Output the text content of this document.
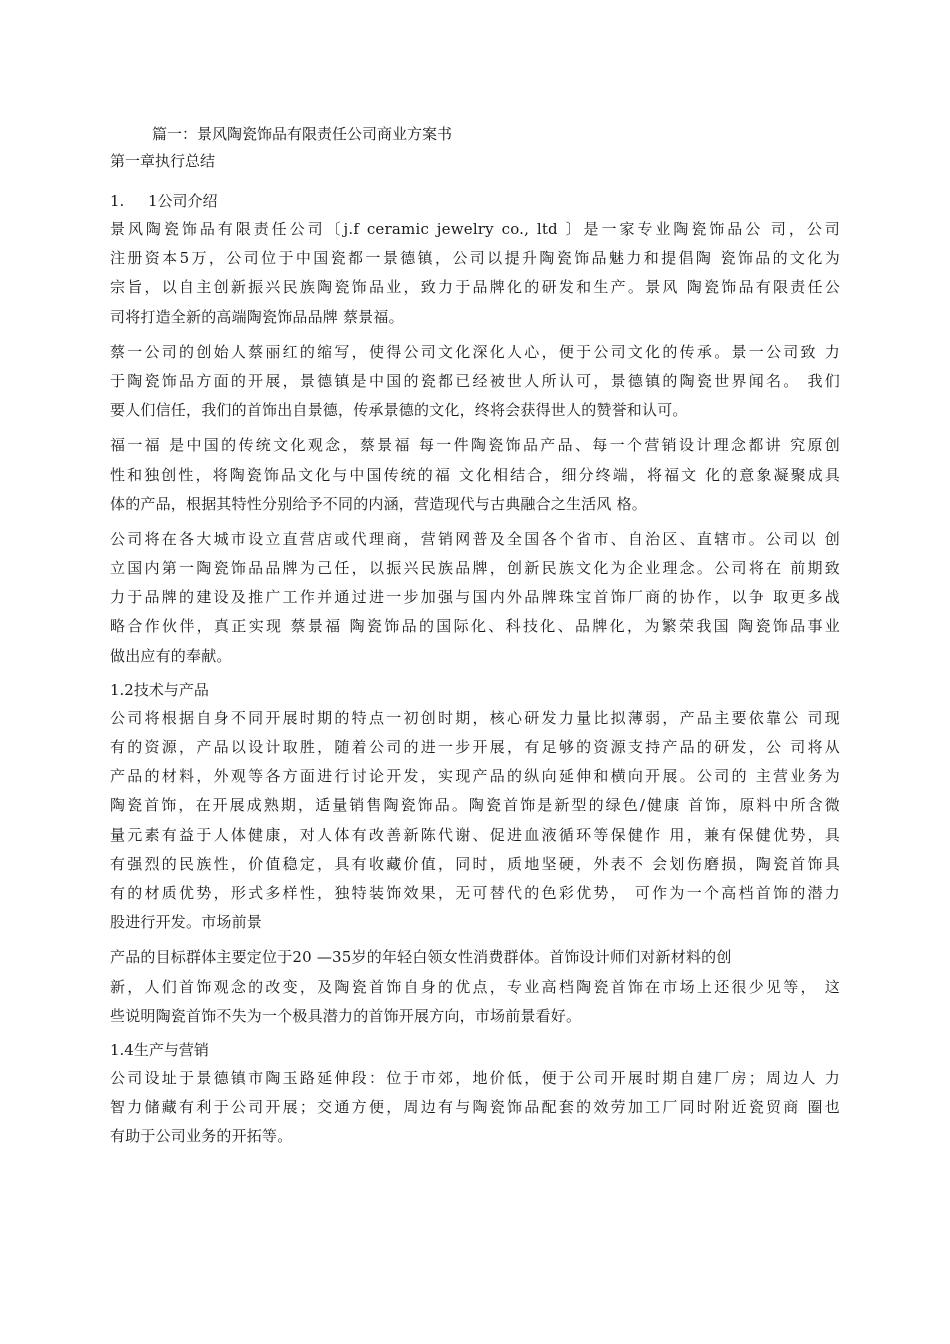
篇一：景风陶瓷饰品有限责任公司商业方案书

第一章执行总结

1. 1公司介绍

景风陶瓷饰品有限责任公司〔j.f ceramic jewelry co., ltd 〕是一家专业陶瓷饰品公 司，公司
注册资本5万，公司位于中国瓷都一景德镇，公司以提升陶瓷饰品魅力和提倡陶 瓷饰品的文化为
宗旨，以自主创新振兴民族陶瓷饰品业，致力于品牌化的研发和生产。景风 陶瓷饰品有限责任公
司将打造全新的高端陶瓷饰品品牌 蔡景福。
蔡一公司的创始人蔡丽红的缩写，使得公司文化深化人心，便于公司文化的传承。景一公司致 力
于陶瓷饰品方面的开展，景德镇是中国的瓷都已经被世人所认可，景德镇的陶瓷世界闻名。 我们
要人们信任，我们的首饰出自景德，传承景德的文化，终将会获得世人的赞誉和认可。
福一福 是中国的传统文化观念，蔡景福 每一件陶瓷饰品产品、每一个营销设计理念都讲 究原创
性和独创性，将陶瓷饰品文化与中国传统的福 文化相结合，细分终端，将福文 化的意象凝聚成具
体的产品，根据其特性分别给予不同的内涵，营造现代与古典融合之生活风 格。
公司将在各大城市设立直营店或代理商，营销网普及全国各个省市、自治区、直辖市。公司以 创
立国内第一陶瓷饰品品牌为己任，以振兴民族品牌，创新民族文化为企业理念。公司将在 前期致
力于品牌的建设及推广工作并通过进一步加强与国内外品牌珠宝首饰厂商的协作，以争 取更多战
略合作伙伴，真正实现 蔡景福 陶瓷饰品的国际化、科技化、品牌化，为繁荣我国 陶瓷饰品事业
做出应有的奉献。

1.2技术与产品

公司将根据自身不同开展时期的特点一初创时期，核心研发力量比拟薄弱，产品主要依靠公 司现
有的资源，产品以设计取胜，随着公司的进一步开展，有足够的资源支持产品的研发，公 司将从
产品的材料，外观等各方面进行讨论开发，实现产品的纵向延伸和横向开展。公司的 主营业务为
陶瓷首饰，在开展成熟期，适量销售陶瓷饰品。陶瓷首饰是新型的绿色/健康 首饰，原料中所含微
量元素有益于人体健康，对人体有改善新陈代谢、促进血液循环等保健作 用，兼有保健优势，具
有强烈的民族性，价值稳定，具有收藏价值，同时，质地坚硬，外表不 会划伤磨损，陶瓷首饰具
有的材质优势，形式多样性，独特装饰效果，无可替代的色彩优势， 可作为一个高档首饰的潜力
股进行开发。市场前景
产品的目标群体主要定位于20 —35岁的年轻白领女性消费群体。首饰设计师们对新材料的创
新，人们首饰观念的改变，及陶瓷首饰自身的优点，专业高档陶瓷首饰在市场上还很少见等， 这
些说明陶瓷首饰不失为一个极具潜力的首饰开展方向，市场前景看好。

1.4生产与营销

公司设址于景德镇市陶玉路延伸段：位于市郊，地价低，便于公司开展时期自建厂房；周边人 力
智力储藏有利于公司开展；交通方便，周边有与陶瓷饰品配套的效劳加工厂同时附近瓷贸商 圈也
有助于公司业务的开拓等。
